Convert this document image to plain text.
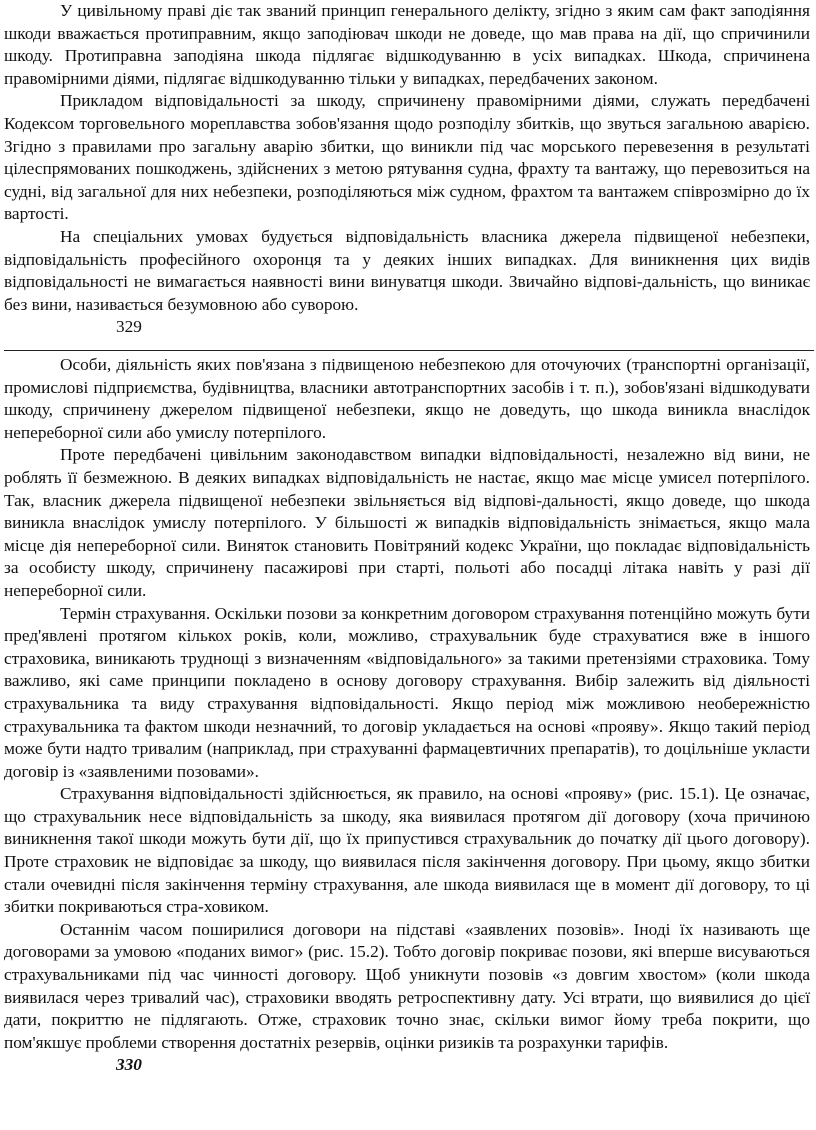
У цивільному праві діє так званий принцип генерального делікту, згідно з яким сам факт заподіяння шкоди вважається протиправним, якщо заподіювач шкоди не доведе, що мав права на дії, що спричинили шкоду. Протиправна заподіяна шкода підлягає відшкодуванню в усіх випадках. Шкода, спричинена правомірними діями, підлягає відшкодуванню тільки у випадках, передбачених законом.

Прикладом відповідальності за шкоду, спричинену правомірними діями, служать передбачені Кодексом торговельного мореплавства зобов'язання щодо розподілу збитків, що звуться загальною аварією. Згідно з правилами про загальну аварію збитки, що виникли під час морського перевезення в результаті цілеспрямованих пошкоджень, здійснених з метою рятування судна, фрахту та вантажу, що перевозиться на судні, від загальної для них небезпеки, розподіляються між судном, фрахтом та вантажем співрозмірно до їх вартості.

На спеціальних умовах будується відповідальність власника джерела підвищеної небезпеки, відповідальність професійного охоронця та у деяких інших випадках. Для виникнення цих видів відповідальності не вимагається наявності вини винуватця шкоди. Звичайно відпові-дальність, що виникає без вини, називається безумовною або суворою.

329

Особи, діяльність яких пов'язана з підвищеною небезпекою для оточуючих (транспортні організації, промислові підприємства, будівництва, власники автотранспортних засобів і т. п.), зобов'язані відшкодувати шкоду, спричинену джерелом підвищеної небезпеки, якщо не доведуть, що шкода виникла внаслідок непереборної сили або умислу потерпілого.

Проте передбачені цивільним законодавством випадки відповідальності, незалежно від вини, не роблять її безмежною. В деяких випадках відповідальність не настає, якщо має місце умисел потерпілого. Так, власник джерела підвищеної небезпеки звільняється від відпові-дальності, якщо доведе, що шкода виникла внаслідок умислу потерпілого. У більшості ж випадків відповідальність знімається, якщо мала місце дія непереборної сили. Виняток становить Повітряний кодекс України, що покладає відповідальність за особисту шкоду, спричинену пасажирові при старті, польоті або посадці літака навіть у разі дії непереборної сили.

Термін страхування. Оскільки позови за конкретним договором страхування потенційно можуть бути пред'явлені протягом кількох років, коли, можливо, страхувальник буде страхуватися вже в іншого страховика, виникають труднощі з визначенням «відповідального» за такими претензіями страховика. Тому важливо, які саме принципи покладено в основу договору страхування. Вибір залежить від діяльності страхувальника та виду страхування відповідальності. Якщо період між можливою необережністю страхувальника та фактом шкоди незначний, то договір укладається на основі «прояву». Якщо такий період може бути надто тривалим (наприклад, при страхуванні фармацевтичних препаратів), то доцільніше укласти договір із «заявленими позовами».

Страхування відповідальності здійснюється, як правило, на основі «прояву» (рис. 15.1). Це означає, що страхувальник несе відповідальність за шкоду, яка виявилася протягом дії договору (хоча причиною виникнення такої шкоди можуть бути дії, що їх припустився страхувальник до початку дії цього договору). Проте страховик не відповідає за шкоду, що виявилася після закінчення договору. При цьому, якщо збитки стали очевидні після закінчення терміну страхування, але шкода виявилася ще в момент дії договору, то ці збитки покриваються стра-ховиком.

Останнім часом поширилися договори на підставі «заявлених позовів». Іноді їх називають ще договорами за умовою «поданих вимог» (рис. 15.2). Тобто договір покриває позови, які вперше висуваються страхувальниками під час чинності договору. Щоб уникнути позовів «з довгим хвостом» (коли шкода виявилася через тривалий час), страховики вводять ретроспективну дату. Усі втрати, що виявилися до цієї дати, покриттю не підлягають. Отже, страховик точно знає, скільки вимог йому треба покрити, що пом'якшує проблеми створення достатніх резервів, оцінки ризиків та розрахунки тарифів.

330
